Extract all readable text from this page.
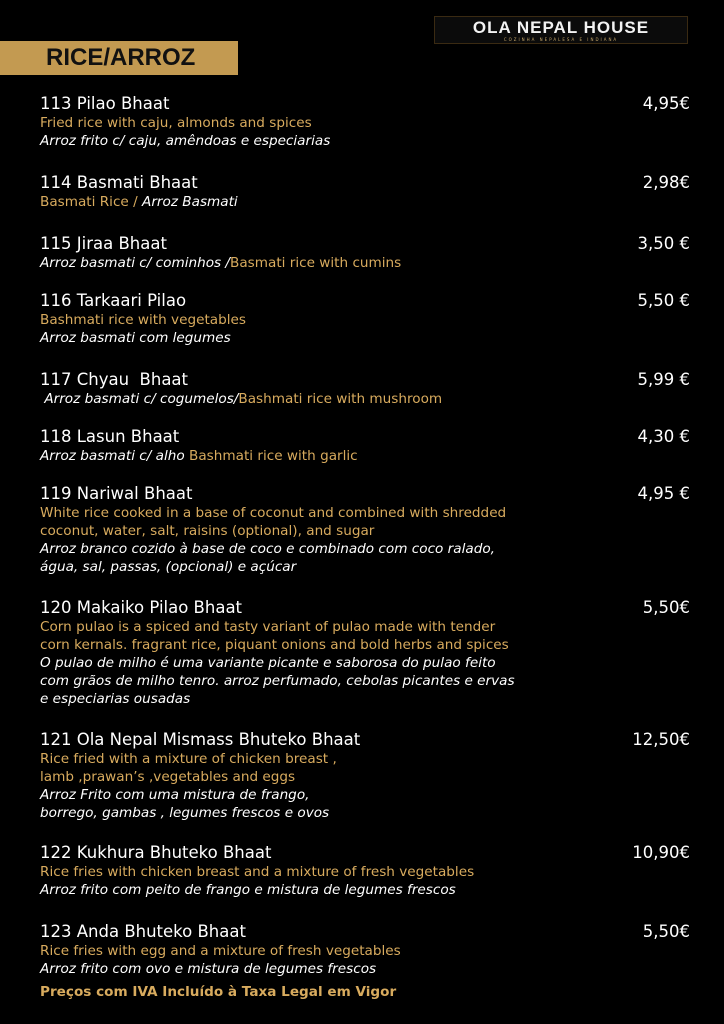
OLA NEPAL HOUSE
COZINHA NEPALESA E INDIANA
RICE/ARROZ
113 Pilao Bhaat	4,95€
Fried rice with caju, almonds and spices
Arroz frito c/ caju, amêndoas e especiarias
114 Basmati Bhaat	2,98€
Basmati Rice / Arroz Basmati
115 Jiraa Bhaat	3,50 €
Arroz basmati c/ cominhos /Basmati rice with cumins
116 Tarkaari Pilao	5,50 €
Bashmati rice with vegetables
Arroz basmati com legumes
117 Chyau  Bhaat	5,99 €
Arroz basmati c/ cogumelos/Bashmati rice with mushroom
118 Lasun Bhaat	4,30 €
Arroz basmati c/ alho Bashmati rice with garlic
119 Nariwal Bhaat	4,95 €
White rice cooked in a base of coconut and combined with shredded
coconut, water, salt, raisins (optional), and sugar
Arroz branco cozido à base de coco e combinado com coco ralado,
água, sal, passas, (opcional) e açúcar
120 Makaiko Pilao Bhaat	5,50€
Corn pulao is a spiced and tasty variant of pulao made with tender
corn kernals. fragrant rice, piquant onions and bold herbs and spices
O pulao de milho é uma variante picante e saborosa do pulao feito
com grãos de milho tenro. arroz perfumado, cebolas picantes e ervas
e especiarias ousadas
121 Ola Nepal Mismass Bhuteko Bhaat	12,50€
Rice fried with a mixture of chicken breast ,
lamb ,prawan’s ,vegetables and eggs
Arroz Frito com uma mistura de frango,
borrego, gambas , legumes frescos e ovos
122 Kukhura Bhuteko Bhaat	10,90€
Rice fries with chicken breast and a mixture of fresh vegetables
Arroz frito com peito de frango e mistura de legumes frescos
123 Anda Bhuteko Bhaat	5,50€
Rice fries with egg and a mixture of fresh vegetables
Arroz frito com ovo e mistura de legumes frescos
Preços com IVA Incluído à Taxa Legal em Vigor
